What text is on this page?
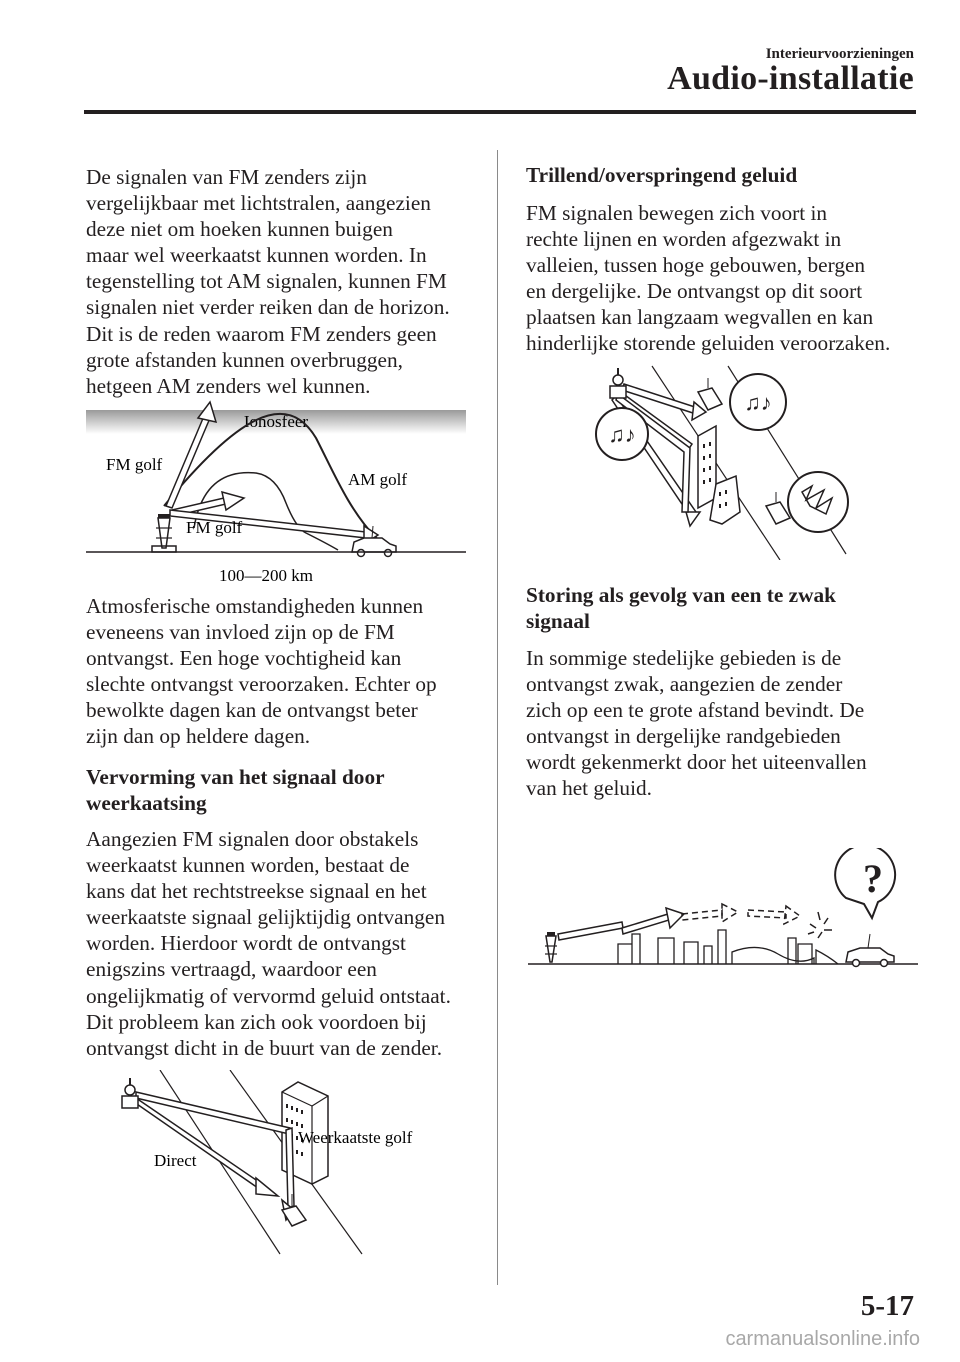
Interieurvoorzieningen
Audio-installatie
De signalen van FM zenders zijn
vergelijkbaar met lichtstralen, aangezien
deze niet om hoeken kunnen buigen
maar wel weerkaatst kunnen worden. In
tegenstelling tot AM signalen, kunnen FM
signalen niet verder reiken dan de horizon.
Dit is de reden waarom FM zenders geen
grote afstanden kunnen overbruggen,
hetgeen AM zenders wel kunnen.
Ionosfeer
FM golf
AM golf
FM golf
100—200 km
Atmosferische omstandigheden kunnen
eveneens van invloed zijn op de FM
ontvangst. Een hoge vochtigheid kan
slechte ontvangst veroorzaken. Echter op
bewolkte dagen kan de ontvangst beter
zijn dan op heldere dagen.
Vervorming van het signaal door
weerkaatsing
Aangezien FM signalen door obstakels
weerkaatst kunnen worden, bestaat de
kans dat het rechtstreekse signaal en het
weerkaatste signaal gelijktijdig ontvangen
worden. Hierdoor wordt de ontvangst
enigszins vertraagd, waardoor een
ongelijkmatig of vervormd geluid ontstaat.
Dit probleem kan zich ook voordoen bij
ontvangst dicht in de buurt van de zender.
Weerkaatste golf
Direct
Trillend/overspringend geluid
FM signalen bewegen zich voort in
rechte lijnen en worden afgezwakt in
valleien, tussen hoge gebouwen, bergen
en dergelijke. De ontvangst op dit soort
plaatsen kan langzaam wegvallen en kan
hinderlijke storende geluiden veroorzaken.
♫♪
♫♪
Storing als gevolg van een te zwak
signaal
In sommige stedelijke gebieden is de
ontvangst zwak, aangezien de zender
zich op een te grote afstand bevindt. De
ontvangst in dergelijke randgebieden
wordt gekenmerkt door het uiteenvallen
van het geluid.
?
5-17
carmanualsonline.info
